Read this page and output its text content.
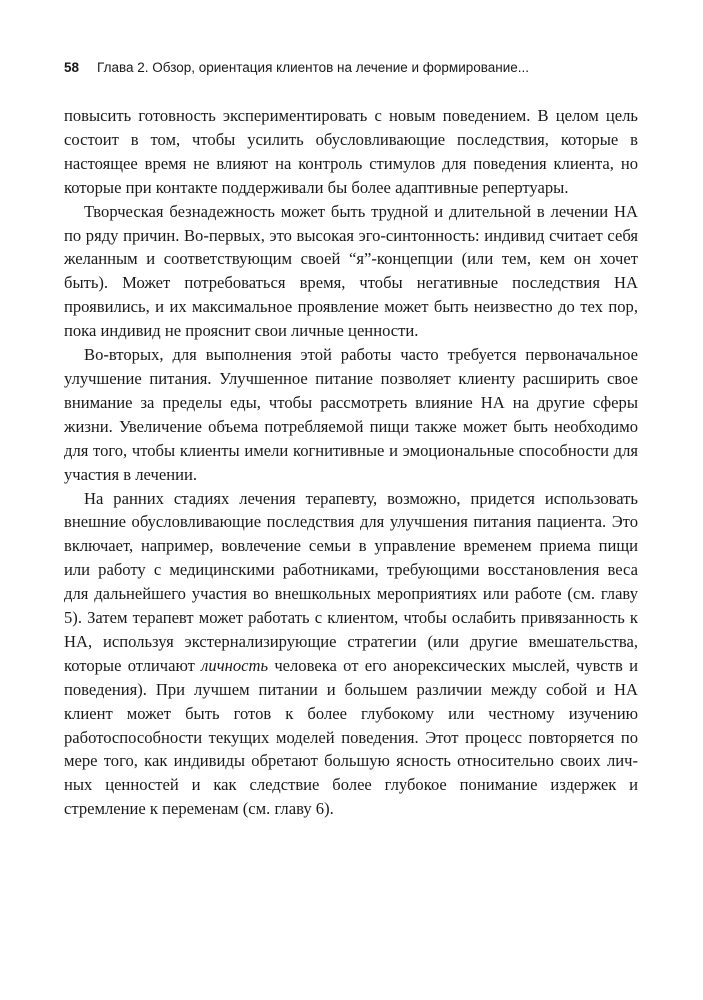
58 Глава 2. Обзор, ориентация клиентов на лечение и формирование...

повысить готовность экспериментировать с новым поведением. В целом цель состоит в том, чтобы усилить обусловливающие последствия, которые в настоящее время не влияют на контроль стимулов для поведения клиента, но которые при контакте поддерживали бы более адаптивные репертуары.

Творческая безнадежность может быть трудной и длительной в лечении НА по ряду причин. Во-первых, это высокая эго-синтонность: индивид считает себя желанным и соответствующим своей “я”-концепции (или тем, кем он хочет быть). Может потребоваться время, чтобы негативные последствия НА проявились, и их максимальное проявление может быть неизвестно до тех пор, пока индивид не прояснит свои личные ценности.

Во-вторых, для выполнения этой работы часто требуется первоначальное улучшение питания. Улучшенное питание позволяет клиенту расширить свое внимание за пределы еды, чтобы рассмотреть влияние НА на другие сферы жизни. Увеличение объема потребляемой пищи также может быть необходимо для того, чтобы клиенты имели когнитивные и эмоциональные способности для участия в лечении.

На ранних стадиях лечения терапевту, возможно, придется использовать внешние обусловливающие последствия для улучшения питания пациента. Это включает, например, вовлечение семьи в управление временем приема пищи или работу с медицинскими работниками, требующими восстановления веса для дальнейшего участия во внешкольных мероприятиях или работе (см. главу 5). Затем терапевт может работать с клиентом, чтобы ослабить привязанность к НА, используя экстернализирующие стратегии (или другие вмешательства, которые отличают личность человека от его анорексических мыслей, чувств и поведения). При лучшем питании и большем различии между собой и НА клиент может быть готов к более глубокому или честному изучению работоспособности текущих моделей поведения. Этот процесс повторяется по мере того, как индивиды обретают большую ясность относительно своих личных ценностей и как следствие более глубокое понимание издержек и стремление к переменам (см. главу 6).
